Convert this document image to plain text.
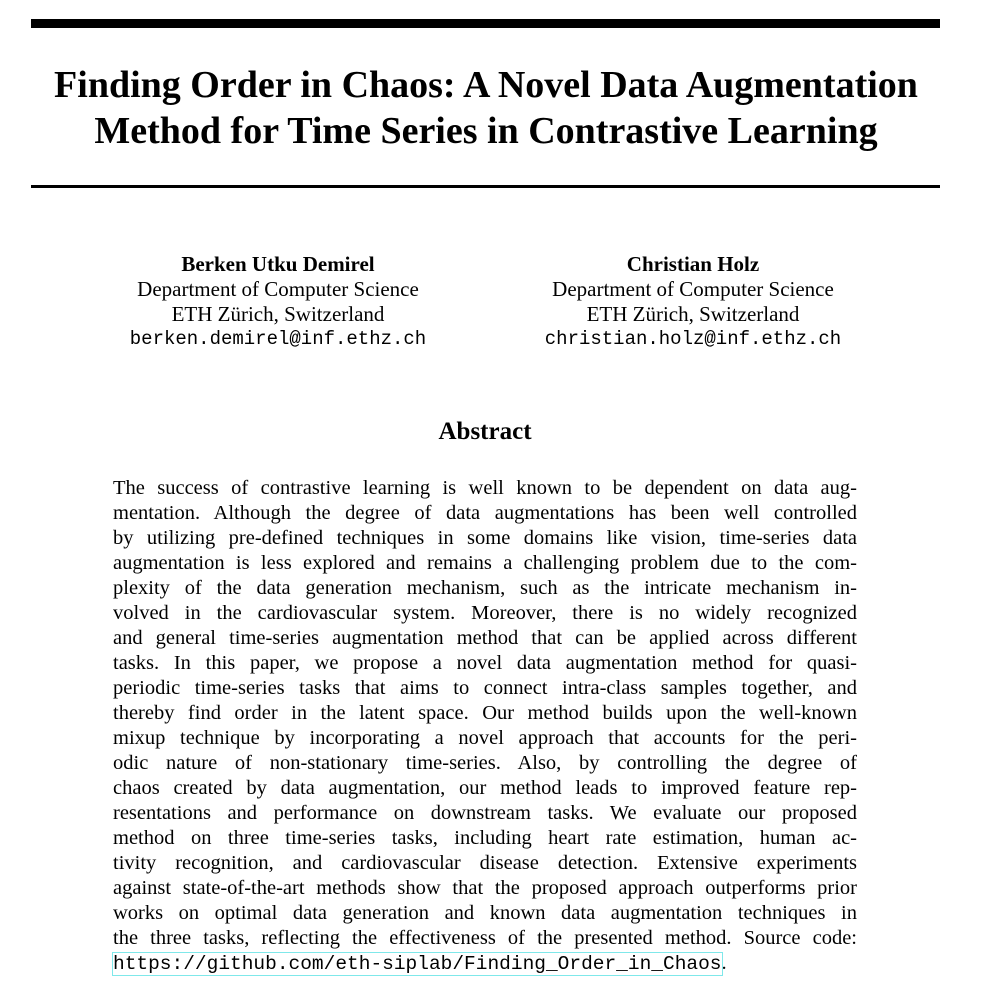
Finding Order in Chaos: A Novel Data Augmentation
Method for Time Series in Contrastive Learning
Berken Utku Demirel
Department of Computer Science
ETH Zürich, Switzerland
berken.demirel@inf.ethz.ch
Christian Holz
Department of Computer Science
ETH Zürich, Switzerland
christian.holz@inf.ethz.ch
Abstract
The success of contrastive learning is well known to be dependent on data aug-
mentation. Although the degree of data augmentations has been well controlled
by utilizing pre-defined techniques in some domains like vision, time-series data
augmentation is less explored and remains a challenging problem due to the com-
plexity of the data generation mechanism, such as the intricate mechanism in-
volved in the cardiovascular system. Moreover, there is no widely recognized
and general time-series augmentation method that can be applied across different
tasks. In this paper, we propose a novel data augmentation method for quasi-
periodic time-series tasks that aims to connect intra-class samples together, and
thereby find order in the latent space. Our method builds upon the well-known
mixup technique by incorporating a novel approach that accounts for the peri-
odic nature of non-stationary time-series. Also, by controlling the degree of
chaos created by data augmentation, our method leads to improved feature rep-
resentations and performance on downstream tasks. We evaluate our proposed
method on three time-series tasks, including heart rate estimation, human ac-
tivity recognition, and cardiovascular disease detection. Extensive experiments
against state-of-the-art methods show that the proposed approach outperforms prior
works on optimal data generation and known data augmentation techniques in
the three tasks, reflecting the effectiveness of the presented method. Source code:
https://github.com/eth-siplab/Finding_Order_in_Chaos.
